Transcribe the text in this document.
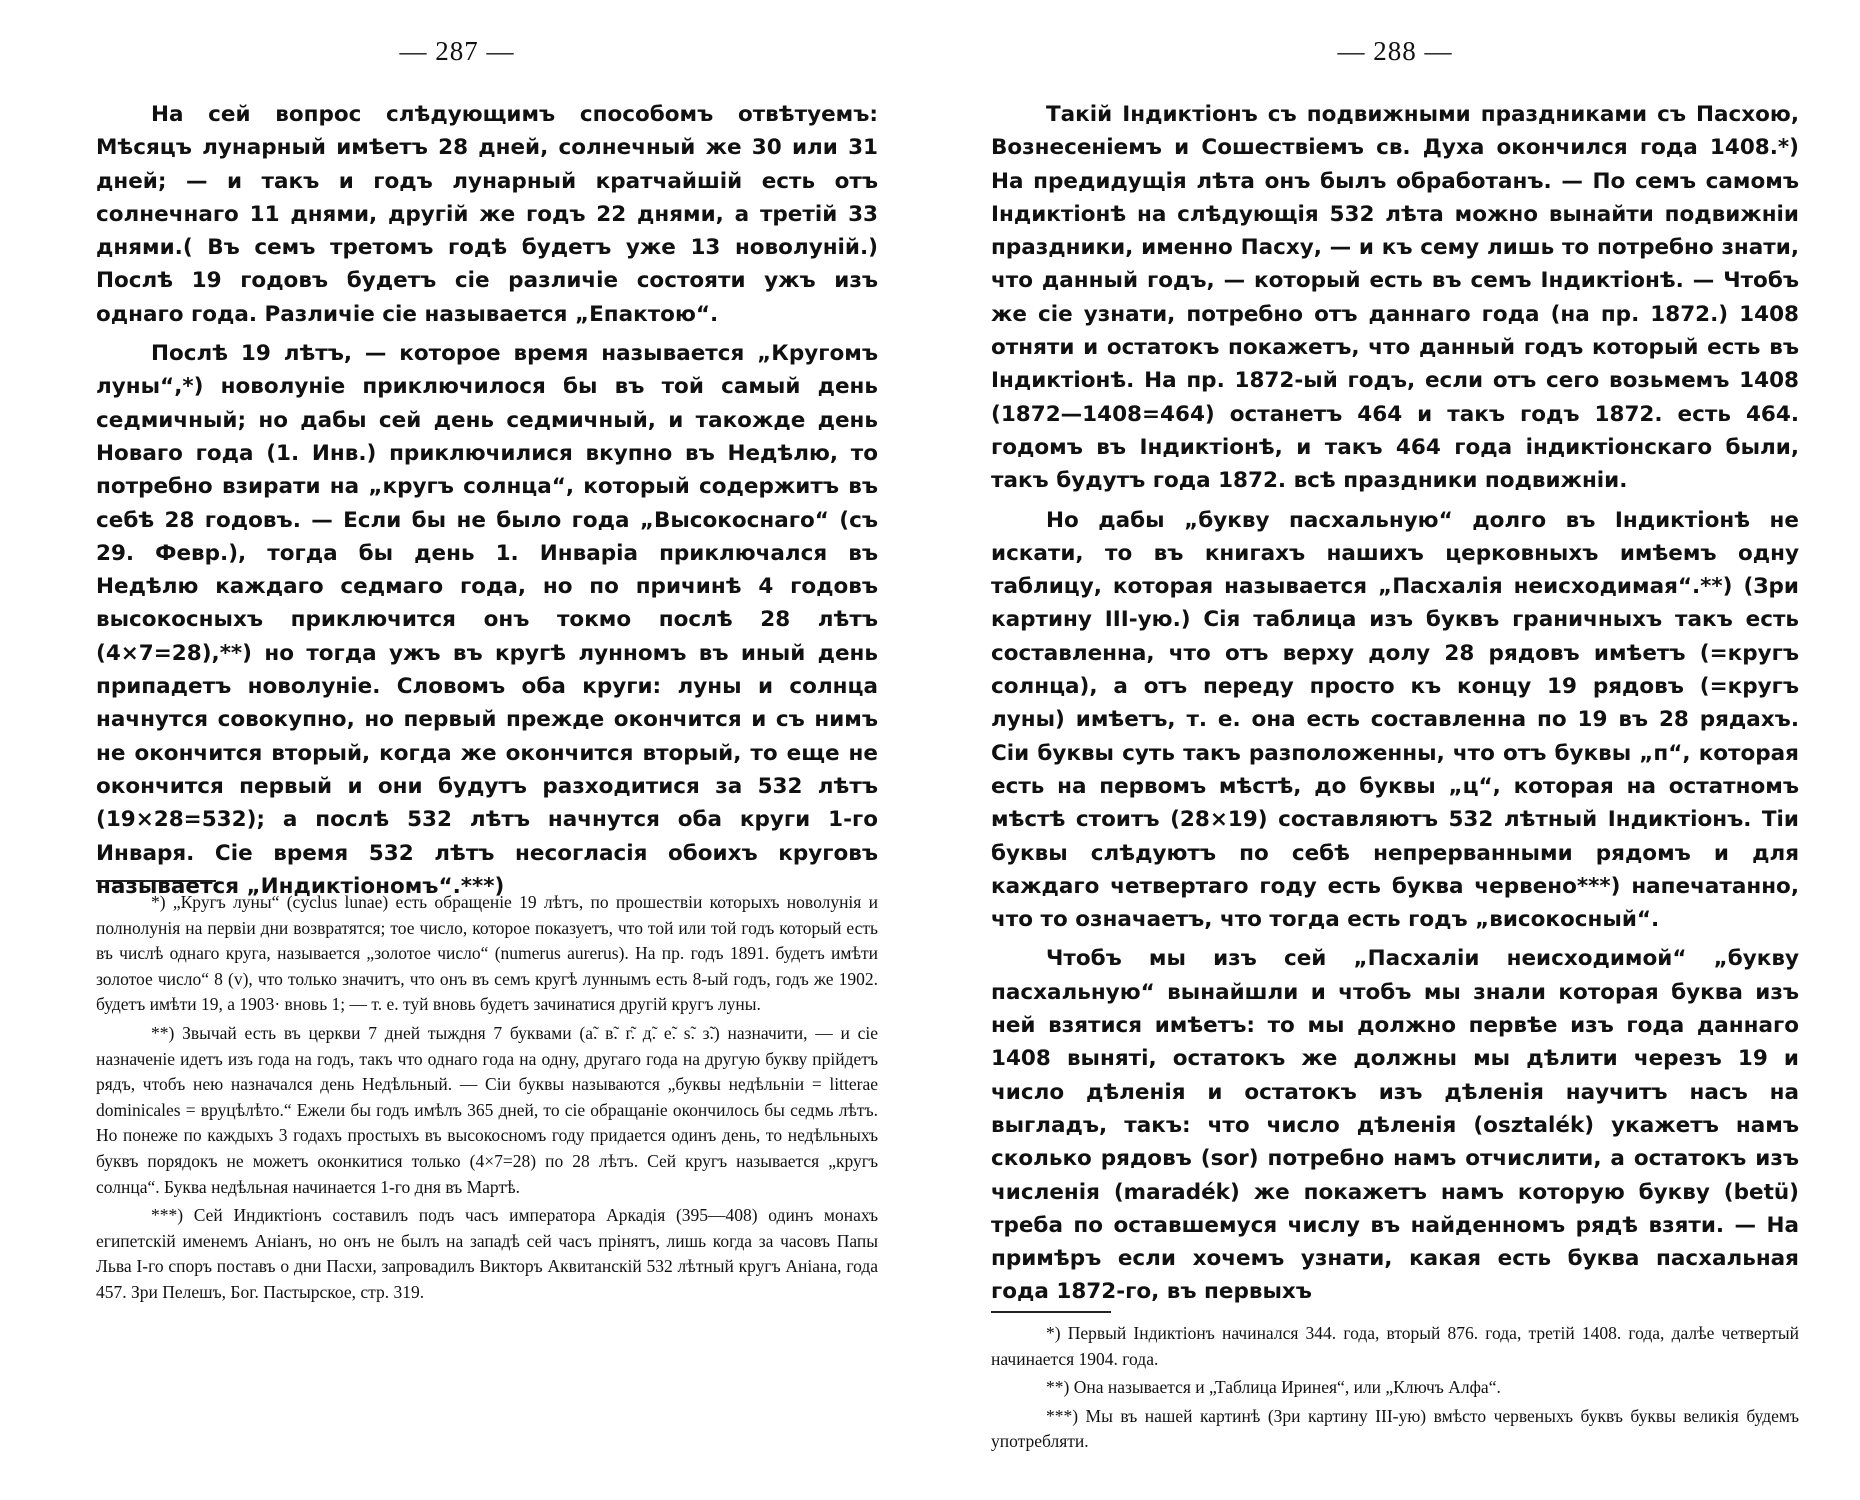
— 287 —

На сей вопрос слѣдующимъ способомъ отвѣтуемъ: Мѣсяцъ лунарный имѣетъ 28 дней, солнечный же 30 или 31 дней; — и такъ и годъ лунарный кратчайшій есть отъ солнечнаго 11 днями, другій же годъ 22 днями, а третій 33 днями.( Въ семъ третомъ годѣ будетъ уже 13 новолуній.) Послѣ 19 годовъ будетъ сіе различіе состояти ужъ изъ однаго года. Различіе сіе называется „Епактою“.

Послѣ 19 лѣтъ, — которое время называется „Кругомъ луны“,*) новолуніе приключилося бы въ той самый день седмичный; но дабы сей день седмичный, и такожде день Новаго года (1. Инв.) приключилися вкупно въ Недѣлю, то потребно взирати на „кругъ солнца“, который содержитъ въ себѣ 28 годовъ. — Если бы не было года „Высокоснаго“ (съ 29. Февр.), тогда бы день 1. Инваріа приключался въ Недѣлю каждаго седмаго года, но по причинѣ 4 годовъ высокосныхъ приключится онъ токмо послѣ 28 лѣтъ (4×7=28),**) но тогда ужъ въ кругѣ лунномъ въ иный день припадетъ новолуніе. Словомъ оба круги: луны и солнца начнутся совокупно, но первый прежде окончится и съ нимъ не окончится вторый, когда же окончится вторый, то еще не окончится первый и они будутъ разходитися за 532 лѣтъ (19×28=532); а послѣ 532 лѣтъ начнутся оба круги 1-го Инваря. Сіе время 532 лѣтъ несогласія обоихъ круговъ называется „Индиктіономъ“.***)

*) „Кругъ луны“ (cyclus lunae) есть обращеніе 19 лѣтъ, по прошествіи которыхъ новолунія и полнолунія на первіи дни возвратятся; тое число, которое показуетъ, что той или той годъ который есть въ числѣ однаго круга, называется „золотое число“ (numerus aurerus). На пр. годъ 1891. будетъ имѣти золотое число“ 8 (v), что только значитъ, что онъ въ семъ кругѣ луннымъ есть 8-ый годъ, годъ же 1902. будетъ имѣти 19, а 1903· вновь 1; — т. е. туй вновь будетъ зачинатися другій кругъ луны.

**) Звычай есть въ церкви 7 дней тыждня 7 буквами (а̃. в̃. г̃. д̃. е̃. ѕ̃. з̃.) назначити, — и сіе назначеніе идетъ изъ года на годъ, такъ что однаго года на одну, другаго года на другую букву прійдетъ рядъ, чтобъ нею назначался день Недѣльный. — Сіи буквы называются „буквы недѣльніи = litterae dominicales = вруцѣлѣто.“ Ежели бы годъ имѣлъ 365 дней, то сіе обращаніе окончилось бы седмь лѣтъ. Но понеже по каждыхъ 3 годахъ простыхъ въ высокосномъ году придается одинъ день, то недѣльныхъ буквъ порядокъ не можетъ оконкитися только (4×7=28) по 28 лѣтъ. Сей кругъ называется „кругъ солнца“. Буква недѣльная начинается 1-го дня въ Мартѣ.

***) Сей Индиктіонъ составилъ подъ часъ императора Аркадія (395—408) одинъ монахъ египетскій именемъ Аніанъ, но онъ не былъ на западѣ сей часъ прінятъ, лишь когда за часовъ Папы Льва І-го споръ поставъ о дни Пасхи, запровадилъ Викторъ Аквитанскій 532 лѣтный кругъ Аніана, года 457. Зри Пелешъ, Бог. Пастырское, стр. 319.

— 288 —

Такій Індиктіонъ съ подвижными праздниками съ Пасхою, Вознесеніемъ и Сошествіемъ св. Духа окончился года 1408.*) На предидущія лѣта онъ былъ обработанъ. — По семъ самомъ Індиктіонѣ на слѣдующія 532 лѣта можно вынайти подвижніи праздники, именно Пасху, — и къ сему лишь то потребно знати, что данный годъ, — который есть въ семъ Індиктіонѣ. — Чтобъ же сіе узнати, потребно отъ даннаго года (на пр. 1872.) 1408 отняти и остатокъ покажетъ, что данный годъ который есть въ Індиктіонѣ. На пр. 1872-ый годъ, если отъ сего возьмемъ 1408 (1872—1408=464) останетъ 464 и такъ годъ 1872. есть 464. годомъ въ Індиктіонѣ, и такъ 464 года індиктіонскаго были, такъ будутъ года 1872. всѣ праздники подвижніи.

Но дабы „букву пасхальную“ долго въ Індиктіонѣ не искати, то въ книгахъ нашихъ церковныхъ имѣемъ одну таблицу, которая называется „Пасхалія неисходимая“.**) (Зри картину ІІІ-ую.) Сія таблица изъ буквъ граничныхъ такъ есть составленна, что отъ верху долу 28 рядовъ имѣетъ (=кругъ солнца), а отъ переду просто къ концу 19 рядовъ (=кругъ луны) имѣетъ, т. е. она есть составленна по 19 въ 28 рядахъ. Сіи буквы суть такъ разположенны, что отъ буквы „п“, которая есть на первомъ мѣстѣ, до буквы „ц“, которая на остатномъ мѣстѣ стоитъ (28×19) составляютъ 532 лѣтный Індиктіонъ. Тіи буквы слѣдуютъ по себѣ непрерванными рядомъ и для каждаго четвертаго году есть буква червено***) напечатанно, что то означаетъ, что тогда есть годъ „високосный“.

Чтобъ мы изъ сей „Пасхаліи неисходимой“ „букву пасхальную“ вынайшли и чтобъ мы знали которая буква изъ ней взятися имѣетъ: то мы должно первѣе изъ года даннаго 1408 вынятi, остатокъ же должны мы дѣлити черезъ 19 и число дѣленія и остатокъ изъ дѣленія научитъ насъ на выгладъ, такъ: что число дѣленія (osztalék) укажетъ намъ сколько рядовъ (sor) потребно намъ отчислити, а остатокъ изъ численія (maradék) же покажетъ намъ которую букву (betü) треба по оставшемуся числу въ найденномъ рядѣ взяти. — На примѣръ если хочемъ узнати, какая есть буква пасхальная года 1872-го, въ первыхъ

*) Первый Індиктіонъ начинался 344. года, вторый 876. года, третій 1408. года, далѣе четвертый начинается 1904. года.

**) Она называется и „Таблица Иринея“, или „Ключъ Алфа“.

***) Мы въ нашей картинѣ (Зри картину ІІІ-ую) вмѣсто червеныхъ буквъ буквы великія будемъ употребляти.
